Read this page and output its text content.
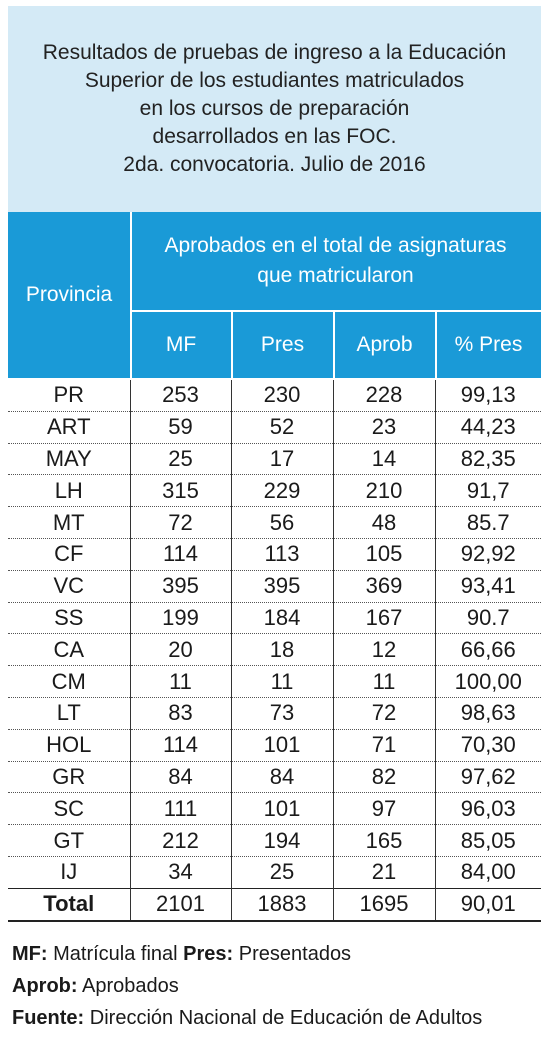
Resultados de pruebas de ingreso a la Educación
Superior de los estudiantes matriculados
en los cursos de preparación
desarrollados en las FOC.
2da. convocatoria. Julio de 2016
Provincia
Aprobados en el total de asignaturas
que matricularon
MF	Pres	Aprob	% Pres
PR	253	230	228	99,13
ART	59	52	23	44,23
MAY	25	17	14	82,35
LH	315	229	210	91,7
MT	72	56	48	85.7
CF	114	113	105	92,92
VC	395	395	369	93,41
SS	199	184	167	90.7
CA	20	18	12	66,66
CM	11	11	11	100,00
LT	83	73	72	98,63
HOL	114	101	71	70,30
GR	84	84	82	97,62
SC	111	101	97	96,03
GT	212	194	165	85,05
IJ	34	25	21	84,00
Total	2101	1883	1695	90,01
MF: Matrícula final Pres: Presentados
Aprob: Aprobados
Fuente: Dirección Nacional de Educación de Adultos
